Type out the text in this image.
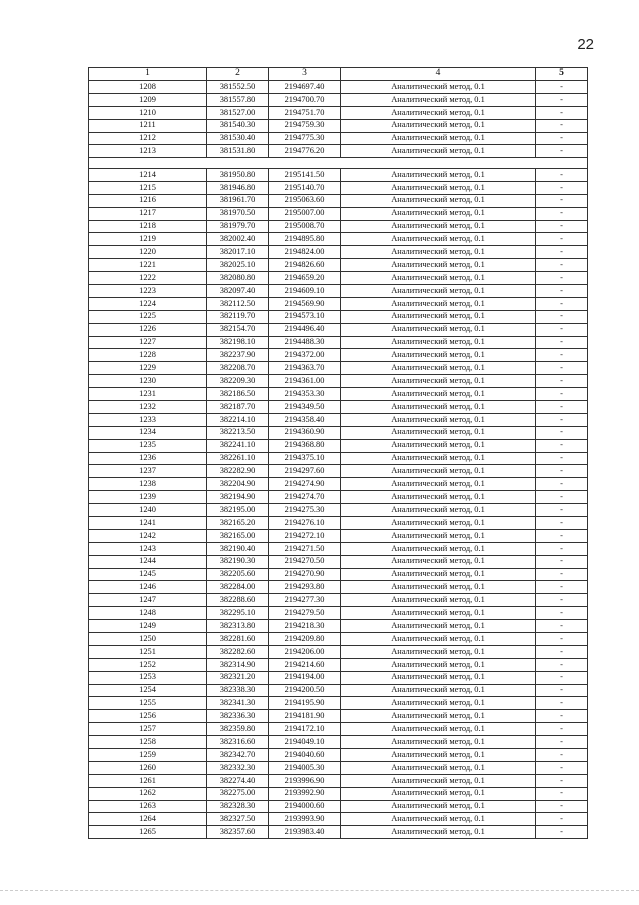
22
1	2	3	4	5
1208	381552.50	2194697.40	Аналитический метод, 0.1	-
1209	381557.80	2194700.70	Аналитический метод, 0.1	-
1210	381527.00	2194751.70	Аналитический метод, 0.1	-
1211	381540.30	2194759.30	Аналитический метод, 0.1	-
1212	381530.40	2194775.30	Аналитический метод, 0.1	-
1213	381531.80	2194776.20	Аналитический метод, 0.1	-

1214	381950.80	2195141.50	Аналитический метод, 0.1	-
1215	381946.80	2195140.70	Аналитический метод, 0.1	-
1216	381961.70	2195063.60	Аналитический метод, 0.1	-
1217	381970.50	2195007.00	Аналитический метод, 0.1	-
1218	381979.70	2195008.70	Аналитический метод, 0.1	-
1219	382002.40	2194895.80	Аналитический метод, 0.1	-
1220	382017.10	2194824.00	Аналитический метод, 0.1	-
1221	382025.10	2194826.60	Аналитический метод, 0.1	-
1222	382080.80	2194659.20	Аналитический метод, 0.1	-
1223	382097.40	2194609.10	Аналитический метод, 0.1	-
1224	382112.50	2194569.90	Аналитический метод, 0.1	-
1225	382119.70	2194573.10	Аналитический метод, 0.1	-
1226	382154.70	2194496.40	Аналитический метод, 0.1	-
1227	382198.10	2194488.30	Аналитический метод, 0.1	-
1228	382237.90	2194372.00	Аналитический метод, 0.1	-
1229	382208.70	2194363.70	Аналитический метод, 0.1	-
1230	382209.30	2194361.00	Аналитический метод, 0.1	-
1231	382186.50	2194353.30	Аналитический метод, 0.1	-
1232	382187.70	2194349.50	Аналитический метод, 0.1	-
1233	382214.10	2194358.40	Аналитический метод, 0.1	-
1234	382213.50	2194360.90	Аналитический метод, 0.1	-
1235	382241.10	2194368.80	Аналитический метод, 0.1	-
1236	382261.10	2194375.10	Аналитический метод, 0.1	-
1237	382282.90	2194297.60	Аналитический метод, 0.1	-
1238	382204.90	2194274.90	Аналитический метод, 0.1	-
1239	382194.90	2194274.70	Аналитический метод, 0.1	-
1240	382195.00	2194275.30	Аналитический метод, 0.1	-
1241	382165.20	2194276.10	Аналитический метод, 0.1	-
1242	382165.00	2194272.10	Аналитический метод, 0.1	-
1243	382190.40	2194271.50	Аналитический метод, 0.1	-
1244	382190.30	2194270.50	Аналитический метод, 0.1	-
1245	382205.60	2194270.90	Аналитический метод, 0.1	-
1246	382284.00	2194293.80	Аналитический метод, 0.1	-
1247	382288.60	2194277.30	Аналитический метод, 0.1	-
1248	382295.10	2194279.50	Аналитический метод, 0.1	-
1249	382313.80	2194218.30	Аналитический метод, 0.1	-
1250	382281.60	2194209.80	Аналитический метод, 0.1	-
1251	382282.60	2194206.00	Аналитический метод, 0.1	-
1252	382314.90	2194214.60	Аналитический метод, 0.1	-
1253	382321.20	2194194.00	Аналитический метод, 0.1	-
1254	382338.30	2194200.50	Аналитический метод, 0.1	-
1255	382341.30	2194195.90	Аналитический метод, 0.1	-
1256	382336.30	2194181.90	Аналитический метод, 0.1	-
1257	382359.80	2194172.10	Аналитический метод, 0.1	-
1258	382316.60	2194049.10	Аналитический метод, 0.1	-
1259	382342.70	2194040.60	Аналитический метод, 0.1	-
1260	382332.30	2194005.30	Аналитический метод, 0.1	-
1261	382274.40	2193996.90	Аналитический метод, 0.1	-
1262	382275.00	2193992.90	Аналитический метод, 0.1	-
1263	382328.30	2194000.60	Аналитический метод, 0.1	-
1264	382327.50	2193993.90	Аналитический метод, 0.1	-
1265	382357.60	2193983.40	Аналитический метод, 0.1	-
